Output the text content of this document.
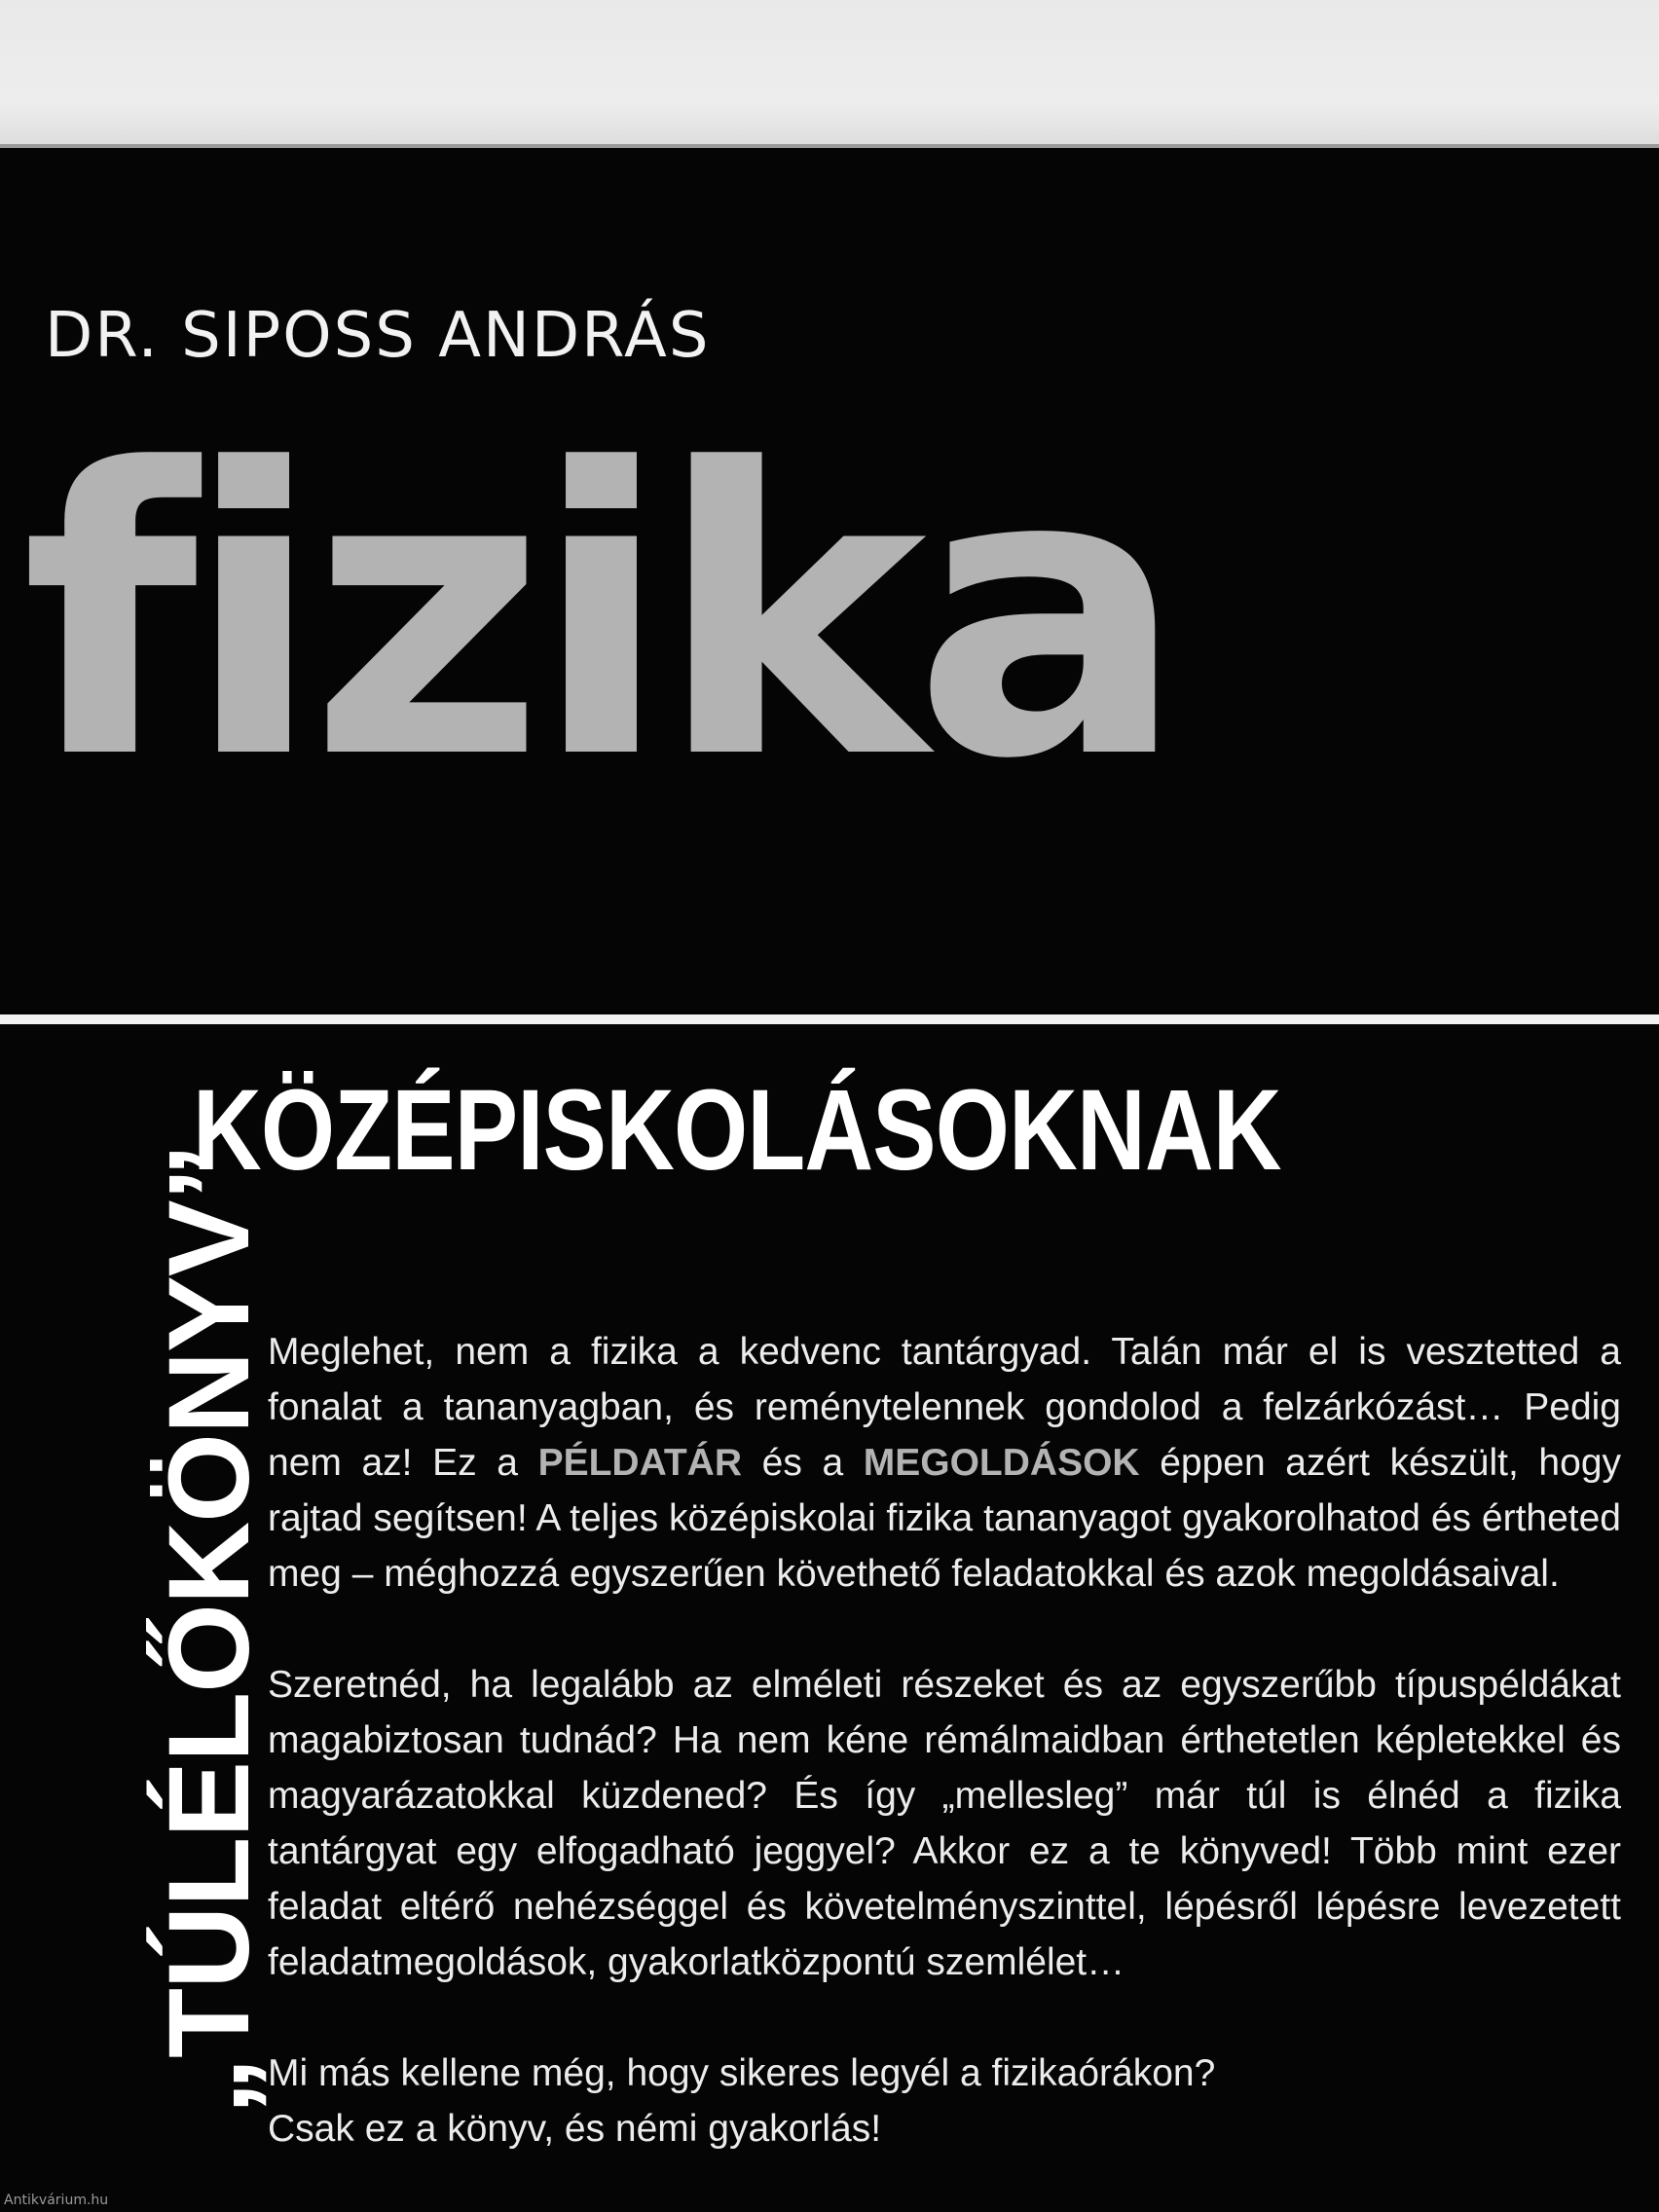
DR. SIPOSS ANDRÁS
fizika
„TÚLÉLŐKÖNYV”
KÖZÉPISKOLÁSOKNAK

Meglehet, nem a fizika a kedvenc tantárgyad. Talán már el is vesztetted a fonalat a tananyagban, és reménytelennek gondolod a felzárkózást… Pedig nem az! Ez a PÉLDATÁR és a MEGOLDÁSOK éppen azért készült, hogy rajtad segítsen! A teljes középiskolai fizika tananyagot gyakorolhatod és értheted meg – méghozzá egyszerűen követhető feladatokkal és azok megoldásaival.

Szeretnéd, ha legalább az elméleti részeket és az egyszerűbb típuspéldákat magabiztosan tudnád? Ha nem kéne rémálmaidban érthetetlen képletekkel és magyarázatokkal küzdened? És így „mellesleg” már túl is élnéd a fizika tantárgyat egy elfogadható jeggyel? Akkor ez a te könyved! Több mint ezer feladat eltérő nehézséggel és követelményszinttel, lépésről lépésre levezetett feladatmegoldások, gyakorlatközpontú szemlélet…

Mi más kellene még, hogy sikeres legyél a fizikaórákon?
Csak ez a könyv, és némi gyakorlás!

Antikvárium.hu
